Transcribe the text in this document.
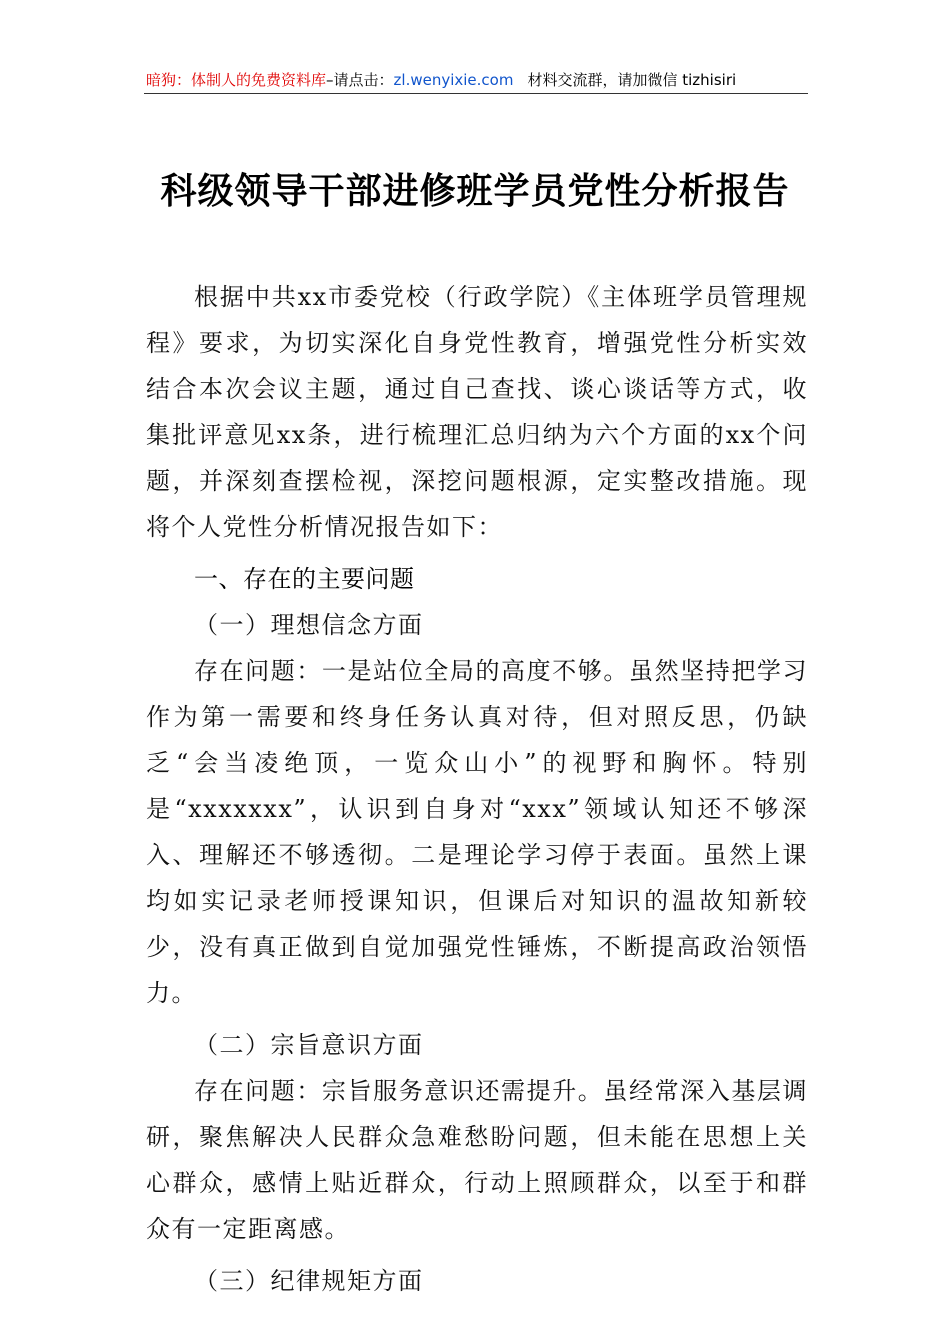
暗狗：体制人的免费资料库–请点击：zl.wenyixie.com 材料交流群，请加微信 tizhisiri
科级领导干部进修班学员党性分析报告

根据中共xx市委党校（行政学院）《主体班学员管理规程》要求，为切实深化自身党性教育，增强党性分析实效结合本次会议主题，通过自己查找、谈心谈话等方式，收集批评意见xx条，进行梳理汇总归纳为六个方面的xx个问题，并深刻查摆检视，深挖问题根源，定实整改措施。现将个人党性分析情况报告如下：

一、存在的主要问题

（一）理想信念方面

存在问题：一是站位全局的高度不够。虽然坚持把学习作为第一需要和终身任务认真对待，但对照反思，仍缺乏“会当凌绝顶，一览众山小”的视野和胸怀。特别是“xxxxxxx”，认识到自身对“xxx”领域认知还不够深入、理解还不够透彻。二是理论学习停于表面。虽然上课均如实记录老师授课知识，但课后对知识的温故知新较少，没有真正做到自觉加强党性锤炼，不断提高政治领悟力。

（二）宗旨意识方面

存在问题：宗旨服务意识还需提升。虽经常深入基层调研，聚焦解决人民群众急难愁盼问题，但未能在思想上关心群众，感情上贴近群众，行动上照顾群众，以至于和群众有一定距离感。

（三）纪律规矩方面
